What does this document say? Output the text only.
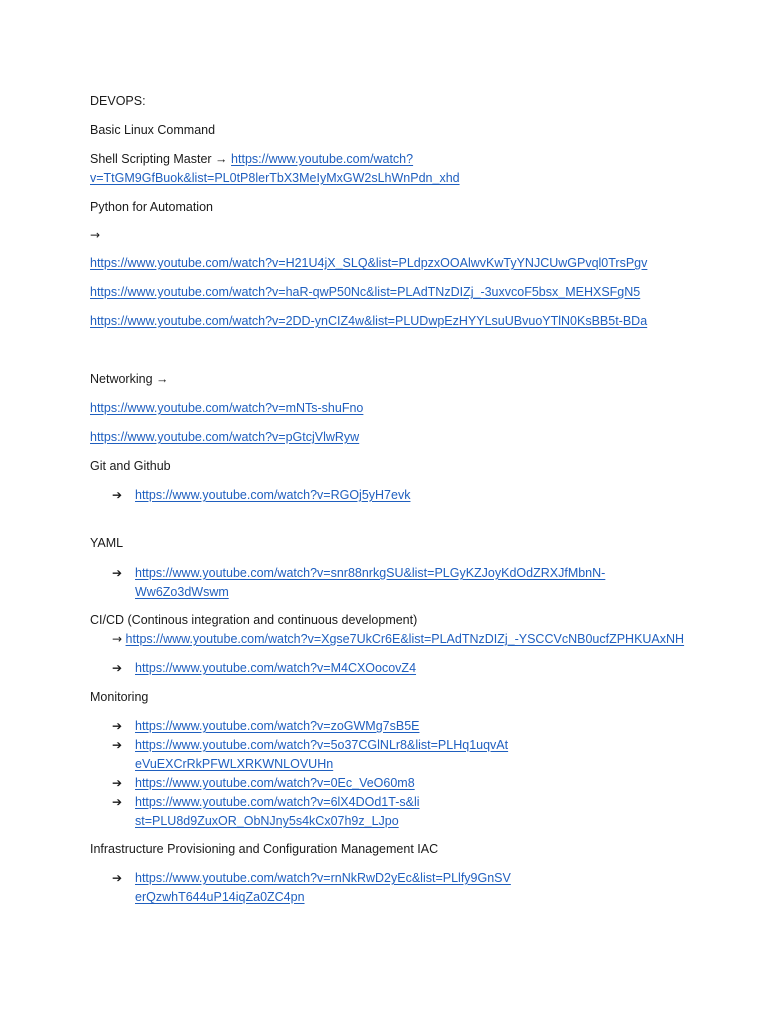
DEVOPS:
Basic Linux Command
Shell Scripting Master → https://www.youtube.com/watch?
v=TtGM9GfBuok&list=PL0tP8lerTbX3MeIyMxGW2sLhWnPdn_xhd
Python for Automation
→
https://www.youtube.com/watch?v=H21U4jX_SLQ&list=PLdpzxOOAlwvKwTyYNJCUwGPvql0TrsPgv
https://www.youtube.com/watch?v=haR-qwP50Nc&list=PLAdTNzDIZj_-3uxvcoF5bsx_MEHXSFgN5
https://www.youtube.com/watch?v=2DD-ynCIZ4w&list=PLUDwpEzHYYLsuUBvuoYTlN0KsBB5t-BDa
Networking →
https://www.youtube.com/watch?v=mNTs-shuFno
https://www.youtube.com/watch?v=pGtcjVlwRyw
Git and Github
➔ https://www.youtube.com/watch?v=RGOj5yH7evk
YAML
➔ https://www.youtube.com/watch?v=snr88nrkgSU&list=PLGyKZJoyKdOdZRXJfMbnN-Ww6Zo3dWswm
CI/CD (Continous integration and continuous development)
→ https://www.youtube.com/watch?v=Xgse7UkCr6E&list=PLAdTNzDIZj_-YSCCVcNB0ucfZPHKUAxNH
➔ https://www.youtube.com/watch?v=M4CXOocovZ4
Monitoring
➔ https://www.youtube.com/watch?v=zoGWMg7sB5E
➔ https://www.youtube.com/watch?v=5o37CGlNLr8&list=PLHq1uqvAteVuEXCrRkPFWLXRKWNLOVUHn
➔ https://www.youtube.com/watch?v=0Ec_VeO60m8
➔ https://www.youtube.com/watch?v=6lX4DOd1T-s&list=PLU8d9ZuxOR_ObNJny5s4kCx07h9z_LJpo
Infrastructure Provisioning and Configuration Management IAC
➔ https://www.youtube.com/watch?v=rnNkRwD2yEc&list=PLlfy9GnSVerQzwhT644uP14iqZa0ZC4pn
